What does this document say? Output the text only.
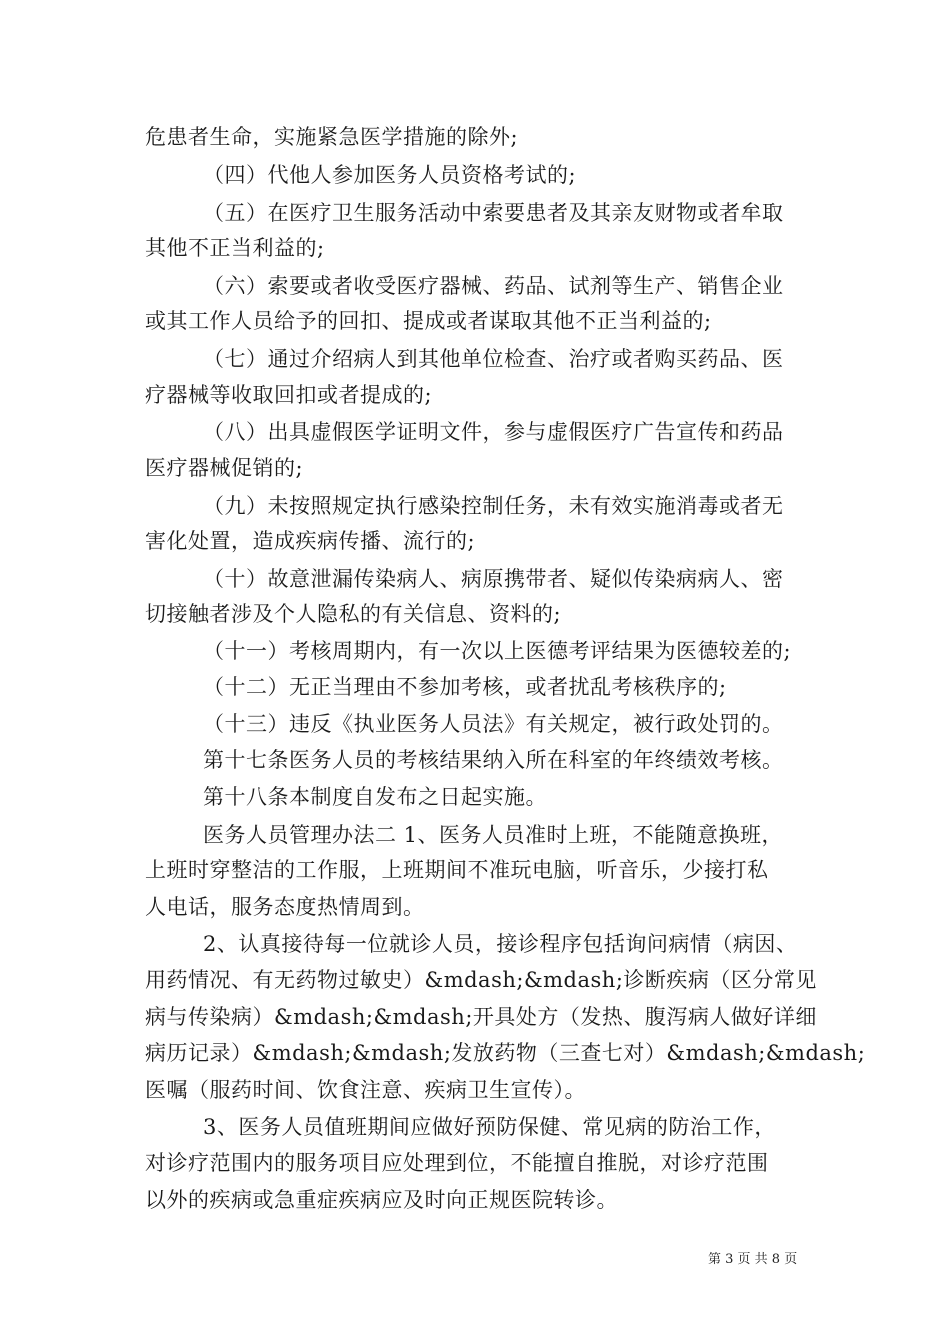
危患者生命，实施紧急医学措施的除外;
（四）代他人参加医务人员资格考试的;
（五）在医疗卫生服务活动中索要患者及其亲友财物或者牟取
其他不正当利益的;
（六）索要或者收受医疗器械、药品、试剂等生产、销售企业
或其工作人员给予的回扣、提成或者谋取其他不正当利益的;
（七）通过介绍病人到其他单位检查、治疗或者购买药品、医
疗器械等收取回扣或者提成的;
（八）出具虚假医学证明文件，参与虚假医疗广告宣传和药品
医疗器械促销的;
（九）未按照规定执行感染控制任务，未有效实施消毒或者无
害化处置，造成疾病传播、流行的;
（十）故意泄漏传染病人、病原携带者、疑似传染病病人、密
切接触者涉及个人隐私的有关信息、资料的;
（十一）考核周期内，有一次以上医德考评结果为医德较差的;
（十二）无正当理由不参加考核，或者扰乱考核秩序的;
（十三）违反《执业医务人员法》有关规定，被行政处罚的。
第十七条医务人员的考核结果纳入所在科室的年终绩效考核。
第十八条本制度自发布之日起实施。
医务人员管理办法二 1、医务人员准时上班，不能随意换班，
上班时穿整洁的工作服，上班期间不准玩电脑，听音乐，少接打私
人电话，服务态度热情周到。
2、认真接待每一位就诊人员，接诊程序包括询问病情（病因、
用药情况、有无药物过敏史）&mdash;&mdash;诊断疾病（区分常见
病与传染病）&mdash;&mdash;开具处方（发热、腹泻病人做好详细
病历记录）&mdash;&mdash;发放药物（三查七对）&mdash;&mdash;
医嘱（服药时间、饮食注意、疾病卫生宣传）。
3、医务人员值班期间应做好预防保健、常见病的防治工作，
对诊疗范围内的服务项目应处理到位，不能擅自推脱，对诊疗范围
以外的疾病或急重症疾病应及时向正规医院转诊。
第 3 页 共 8 页
